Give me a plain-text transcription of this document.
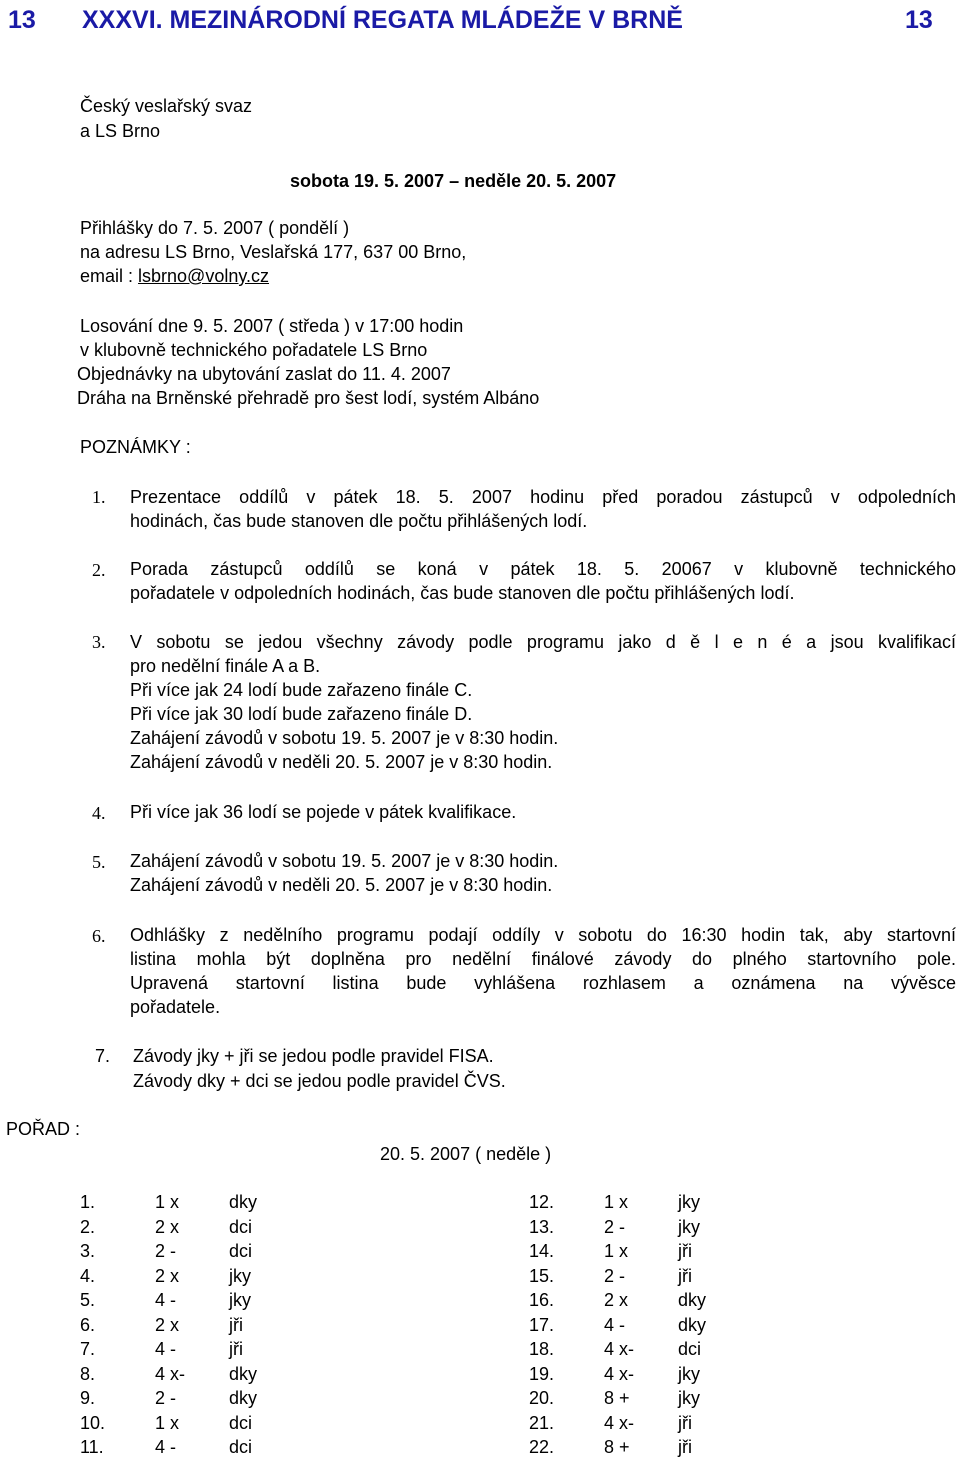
13 XXXVI. MEZINÁRODNÍ REGATA MLÁDEŽE V BRNĚ	13
Český veslařský svaz
a LS Brno
sobota 19. 5. 2007 – neděle 20. 5. 2007
Přihlášky do 7. 5. 2007 ( pondělí )
na adresu LS Brno, Veslařská 177, 637 00 Brno,
email : lsbrno@volny.cz
Losování dne 9. 5. 2007 ( středa ) v 17:00 hodin
v klubovně technického pořadatele LS Brno
Objednávky na ubytování zaslat do 11. 4. 2007
Dráha na Brněnské přehradě pro šest lodí, systém Albáno
POZNÁMKY :
1. Prezentace oddílů v pátek 18. 5. 2007 hodinu před poradou zástupců v odpoledních
hodinách, čas bude stanoven dle počtu přihlášených lodí.
2. Porada zástupců oddílů se koná v pátek 18. 5. 20067 v klubovně technického
pořadatele v odpoledních hodinách, čas bude stanoven dle počtu přihlášených lodí.
3. V sobotu se jedou všechny závody podle programu jako d ě l e n é a jsou kvalifikací
pro nedělní finále A a B.
Při více jak 24 lodí bude zařazeno finále C.
Při více jak 30 lodí bude zařazeno finále D.
Zahájení závodů v sobotu 19. 5. 2007 je v 8:30 hodin.
Zahájení závodů v neděli 20. 5. 2007 je v 8:30 hodin.
4. Při více jak 36 lodí se pojede v pátek kvalifikace.
5. Zahájení závodů v sobotu 19. 5. 2007 je v 8:30 hodin.
Zahájení závodů v neděli 20. 5. 2007 je v 8:30 hodin.
6. Odhlášky z nedělního programu podají oddíly v sobotu do 16:30 hodin tak, aby startovní
listina mohla být doplněna pro nedělní finálové závody do plného startovního pole.
Upravená startovní listina bude vyhlášena rozhlasem a oznámena na vývěsce
pořadatele.
7. Závody jky + jři se jedou podle pravidel FISA.
Závody dky + dci se jedou podle pravidel ČVS.
POŘAD :
20. 5. 2007 ( neděle )
1.	1 x	dky
2.	2 x	dci
3.	2 -	dci
4.	2 x	jky
5.	4 -	jky
6.	2 x	jři
7.	4 -	jři
8.	4 x- dky
9.	2 -	dky
10.	1 x	dci
11.	4 -	dci
12.	1 x	jky
13.	2 -	jky
14.	1 x	jři
15.	2 -	jři
16.	2 x	dky
17.	4 -	dky
18.	4 x- dci
19.	4 x- jky
20.	8 +	jky
21.	4 x- jři
22.	8 +	jři
